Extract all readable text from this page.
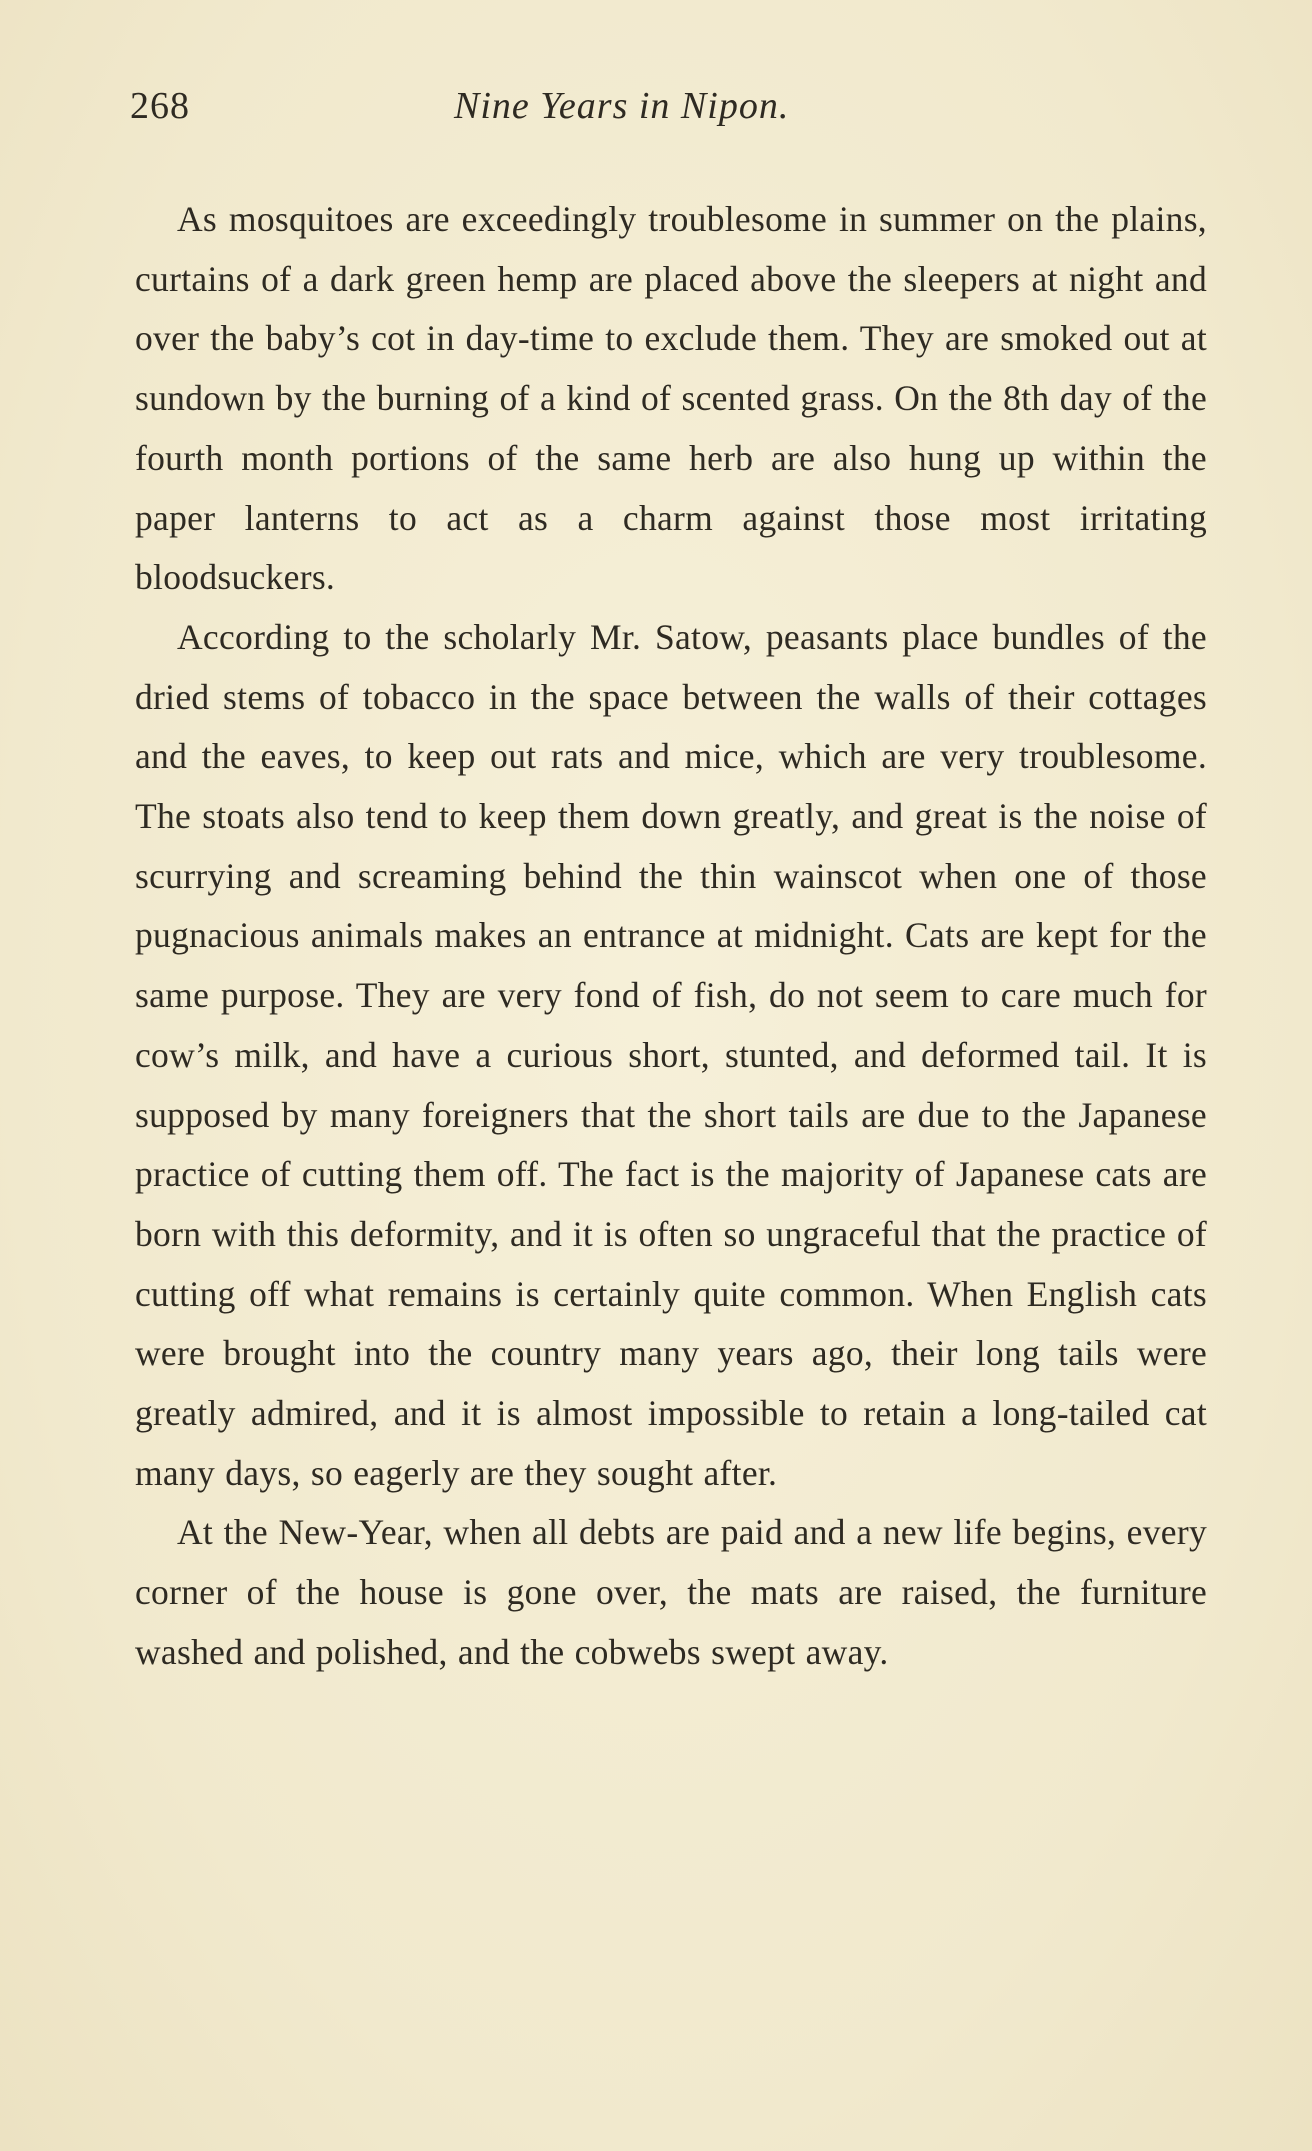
268	Nine Years in Nipon.

As mosquitoes are exceedingly troublesome in summer on the plains, curtains of a dark green hemp are placed above the sleepers at night and over the baby’s cot in day-time to exclude them. They are smoked out at sundown by the burning of a kind of scented grass. On the 8th day of the fourth month portions of the same herb are also hung up within the paper lanterns to act as a charm against those most irritating bloodsuckers.

According to the scholarly Mr. Satow, peasants place bundles of the dried stems of tobacco in the space between the walls of their cottages and the eaves, to keep out rats and mice, which are very troublesome. The stoats also tend to keep them down greatly, and great is the noise of scurrying and screaming behind the thin wainscot when one of those pugnacious animals makes an entrance at midnight. Cats are kept for the same purpose. They are very fond of fish, do not seem to care much for cow’s milk, and have a curious short, stunted, and deformed tail. It is supposed by many foreigners that the short tails are due to the Japanese practice of cutting them off. The fact is the majority of Japanese cats are born with this deformity, and it is often so ungraceful that the practice of cutting off what remains is certainly quite common. When English cats were brought into the country many years ago, their long tails were greatly admired, and it is almost impossible to retain a long-tailed cat many days, so eagerly are they sought after.

At the New-Year, when all debts are paid and a new life begins, every corner of the house is gone over, the mats are raised, the furniture washed and polished, and the cobwebs swept away.
